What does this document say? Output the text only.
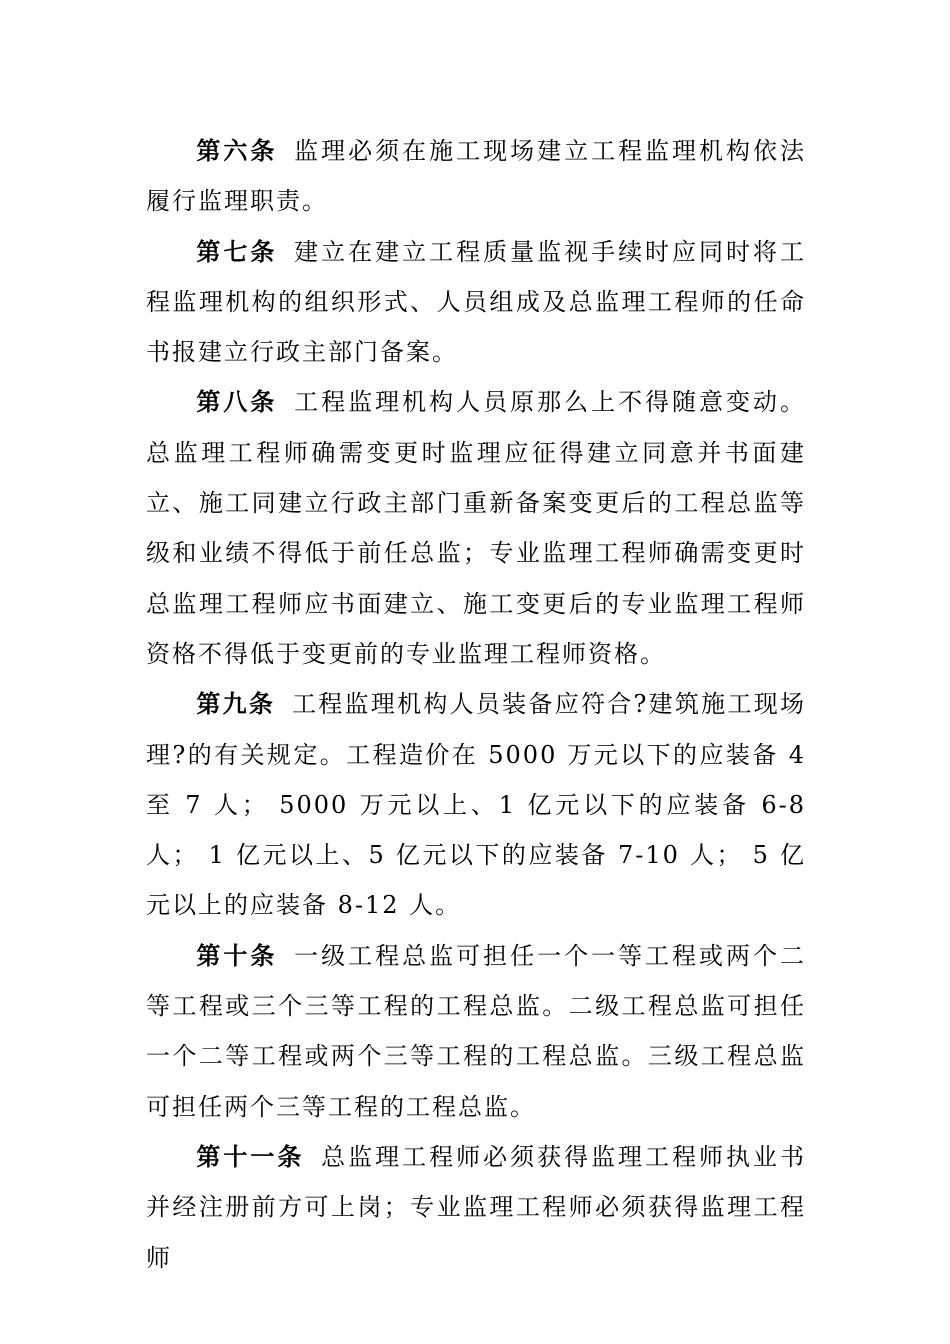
第六条 监理必须在施工现场建立工程监理机构依法履行监理职责。

第七条 建立在建立工程质量监视手续时应同时将工程监理机构的组织形式、人员组成及总监理工程师的任命书报建立行政主部门备案。

第八条 工程监理机构人员原那么上不得随意变动。总监理工程师确需变更时监理应征得建立同意并书面建立、施工同建立行政主部门重新备案变更后的工程总监等级和业绩不得低于前任总监；专业监理工程师确需变更时总监理工程师应书面建立、施工变更后的专业监理工程师资格不得低于变更前的专业监理工程师资格。

第九条 工程监理机构人员装备应符合?建筑施工现场理?的有关规定。工程造价在 5000 万元以下的应装备 4 至 7 人； 5000 万元以上、1 亿元以下的应装备 6-8 人； 1 亿元以上、5 亿元以下的应装备 7-10 人； 5 亿元以上的应装备 8-12 人。

第十条 一级工程总监可担任一个一等工程或两个二等工程或三个三等工程的工程总监。二级工程总监可担任一个二等工程或两个三等工程的工程总监。三级工程总监可担任两个三等工程的工程总监。

第十一条 总监理工程师必须获得监理工程师执业书并经注册前方可上岗；专业监理工程师必须获得监理工程师
